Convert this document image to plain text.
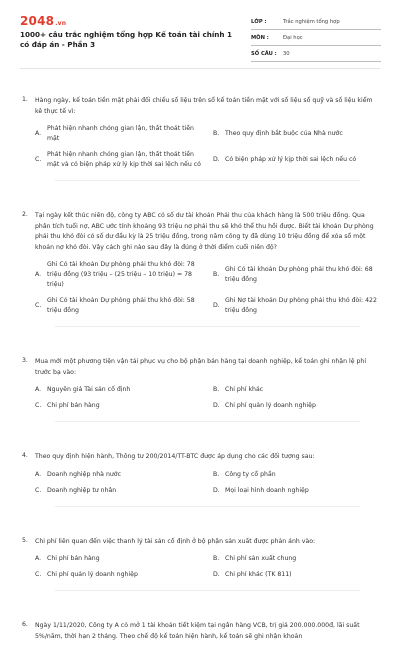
2048.vn
1000+ câu trắc nghiệm tổng hợp Kế toán tài chính 1 có đáp án - Phần 3
LỚP :	Trắc nghiệm tổng hợp
MÔN :	Đại học
SỐ CÂU :	30
1. Hàng ngày, kế toán tiền mặt phải đối chiếu số liệu trên sổ kế toán tiền mặt với số liệu sổ quỹ và số liệu kiểm kê thực tế vì:
A.
Phát hiện nhanh chóng gian lận, thất thoát tiền mặt
B. Theo quy định bắt buộc của Nhà nước
C.
Phát hiện nhanh chóng gian lận, thất thoát tiền mặt và có biện pháp xử lý kịp thời sai lệch nếu có
D. Có biện pháp xử lý kịp thời sai lệch nếu có
2. Tại ngày kết thúc niên độ, công ty ABC có số dư tài khoản Phải thu của khách hàng là 500 triệu đồng. Qua phân tích tuổi nợ, ABC ước tính khoảng 93 triệu nợ phải thu sẽ khó thể thu hồi được. Biết tài khoản Dự phòng phải thu khó đòi có số dư đầu kỳ là 25 triệu đồng, trong năm công ty đã dùng 10 triệu đồng để xóa sổ một khoản nợ khó đòi. Vậy cách ghi nào sau đây là đúng ở thời điểm cuối niên độ?
A.
Ghi Có tài khoản Dự phòng phải thu khó đòi: 78 triệu đồng (93 triệu – (25 triệu – 10 triệu) = 78 triệu)
B.
Ghi Có tài khoản Dự phòng phải thu khó đòi: 68 triệu đồng
C.
Ghi Có tài khoản Dự phòng phải thu khó đòi: 58 triệu đồng
D.
Ghi Nợ tài khoản Dự phòng phải thu khó đòi: 422 triệu đồng
3. Mua mới một phương tiện vận tải phục vụ cho bộ phận bán hàng tại doanh nghiệp, kế toán ghi nhận lệ phí trước bạ vào:
A. Nguyên giá Tài sản cố định	B. Chi phí khác
C. Chi phí bán hàng	D. Chi phí quản lý doanh nghiệp
4. Theo quy định hiện hành, Thông tư 200/2014/TT-BTC được áp dụng cho các đối tượng sau:
A. Doanh nghiệp nhà nước	B. Công ty cổ phần
C. Doanh nghiệp tư nhân	D. Mọi loại hình doanh nghiệp
5. Chi phí liên quan đến việc thanh lý tài sản cố định ở bộ phận sản xuất được phản ánh vào:
A. Chi phí bán hàng	B. Chi phí sản xuất chung
C. Chi phí quản lý doanh nghiệp	D. Chi phí khác (TK 811)
6. Ngày 1/11/2020, Công ty A có mở 1 tài khoản tiết kiệm tại ngân hàng VCB, trị giá 200.000.000đ, lãi suất 5%/năm, thời hạn 2 tháng. Theo chế độ kế toán hiện hành, kế toán sẽ ghi nhận khoản
